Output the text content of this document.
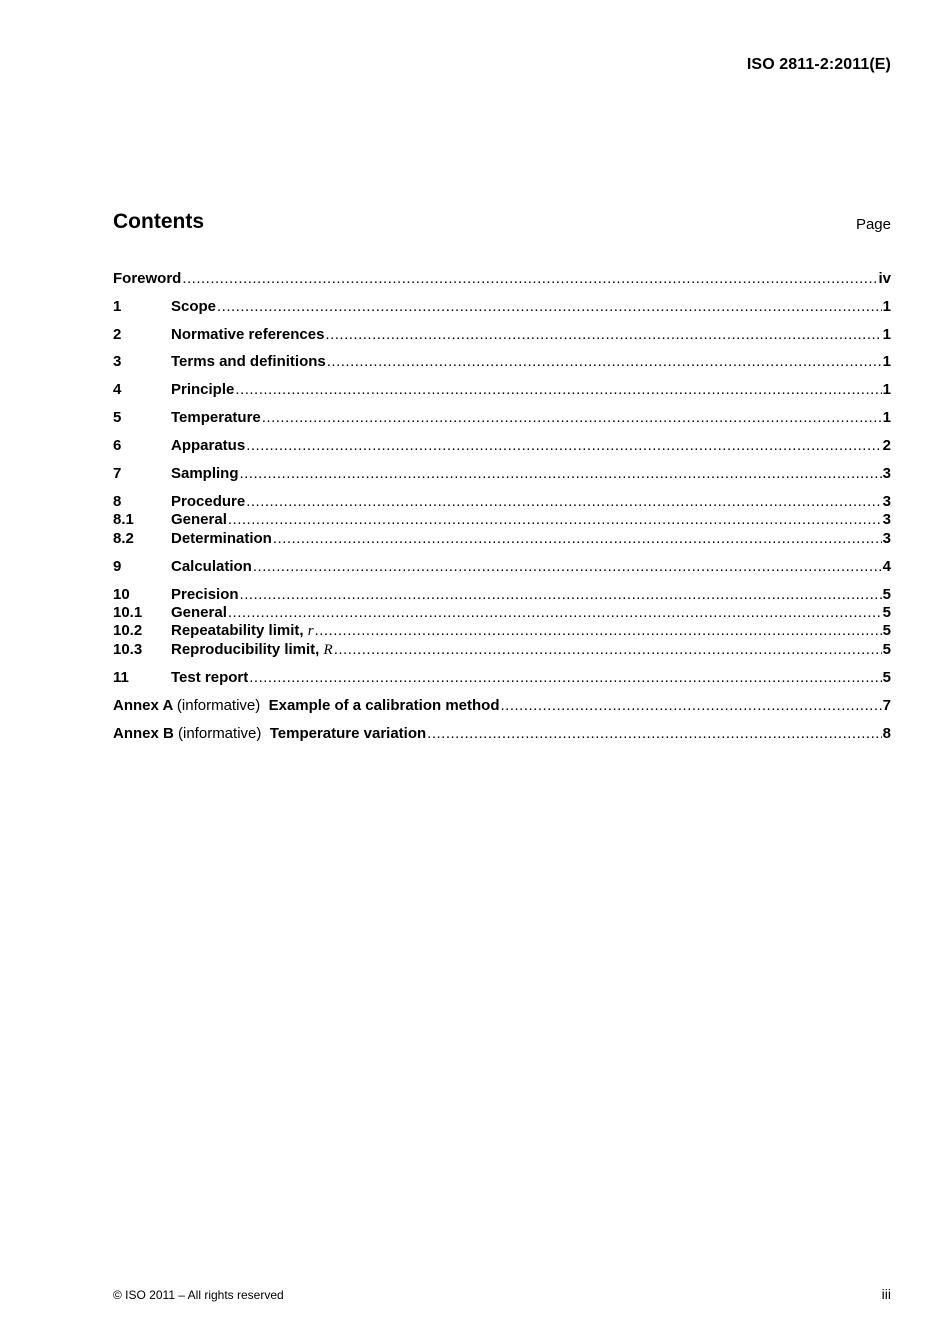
ISO 2811-2:2011(E)
Contents	Page
Foreword .....	iv
1	Scope .....	1
2	Normative references .....	1
3	Terms and definitions .....	1
4	Principle .....	1
5	Temperature .....	1
6	Apparatus .....	2
7	Sampling .....	3
8	Procedure .....	3
8.1	General .....	3
8.2	Determination .....	3
9	Calculation .....	4
10	Precision .....	5
10.1	General .....	5
10.2	Repeatability limit, r .....	5
10.3	Reproducibility limit, R .....	5
11	Test report .....	5
Annex A (informative) Example of a calibration method .....	7
Annex B (informative) Temperature variation .....	8
© ISO 2011 – All rights reserved	iii
